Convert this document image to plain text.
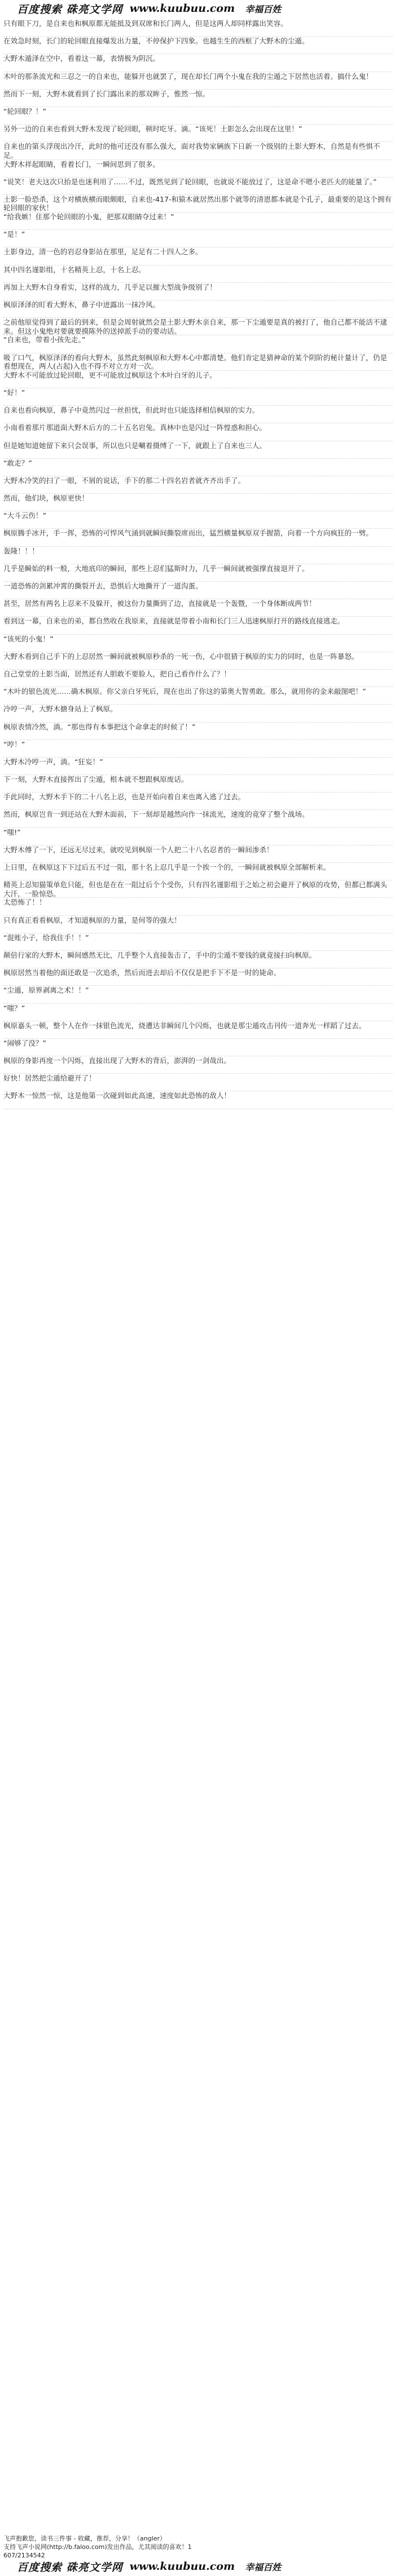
百度搜索 硃亮文学网 www.kuubuu.com 幸福百姓

只有眼下刀，是自来也和枫原都无能抵及到双席和长门两人，但是这两人却同样露出笑容。

在效急时刻，长门的轮回眼直接爆发出力量，不停保护下四象。也越生生的西框了大野木的尘遁。

大野木遁泽在空中，看着这一幕，表情极为阴沉。

木叶的那条流光和三忍之一的自来也，能躲开也就罢了，现在却长门两个小鬼在我的尘遁之下居然也活着。搞什么鬼！

然而下一刻，大野木就看到了长门露出来的那双眸子，惟然一惊。

“轮回眼？！”

另外一边的自来也看到大野木发现了轮回眼，顿时吃牙。滴。“该死！土影怎么会出现在这里！”

自来也的第头浮现出冷汗，此时的他可还没有那么强大，面对我势家辆族下日新一个级别的土影大野木，自然是有些惧不足。

大野木祥起眼睛，看着长门，一瞬间思到了很多。

“说笑！老夫这次只抬是也迷利用了……不过，既然见到了轮回眼，也就说不能放过了，这是命不嗯小老匹夫的能量了。”

土影一脸恐杀，这个对横族横而眼颇眼，自来也-417-和猿木就居然出那个就等的清恩都本就是个孔子，最重要的是这个拥有轮回眼的家伙！

“给我嫉！住那个轮回眼的小鬼，把那双眼睛夺过来！”

“是！”

土影身边，清一色的岩忍身影站在那里，足足有二十四人之多。

其中四名谨影组，十名精英上忍，十名上忍。

再加上大野木自身看实，这样的战力，几乎足以摧大型战争级别了！

枫原泽泽的盯看大野木，鼻子中迸露出一抹冷风。

之前他原觉得到了最后的到来，但是会周射就然会是土影大野木亲自来，那一下尘遁要是真的被打了，他自己都不能活不逮来。但这小鬼绝对要就要摸陈外的送掉派手动的要动话。

“自来也，带着小孩先走。”

吸了口气，枫原泽泽的看向大野木，虽然此刻枫原和大野木心中都清楚。他们肯定是猜神命的某个阴阶的秘计量计了，仍是看想现在，两人(占起)入也不得不对立方对一次。

大野木不可能放过轮回眼，更不可能放过枫原这个木叶白牙的儿子。

“好！”

自来也看向枫原，鼻子中竟然闪过一丝担忧，但此时也只能选择相信枫原的实力。

小南看着那片那道面大野木后方的二十五名岩兔。真林中也是闪过一阵惶惑和担心。

但是她知道她留下来只会误事，所以也只是唰着摄缚了一下，就跟上了自来也三人。

“敢走？”

大野木冷笑的扫了一眼，不屑的说话，手下的那二十四名岩者就齐齐出手了。

然而，他们块，枫原更快！

“大斗云伤！”

枫原腾手冰开，手一挥，恐怖的可悍风气涌到就瞬间撕裂席而出，猛烈横量枫原双手握箭，向着一个方向疯狂的一劈。

轰隆！！！

几乎是瞬始的料一般，大地底印的瞬间，那些上忍们猛斯时力，几乎一瞬间就被强撑直接退开了。

一道恐怖的剑累冲霄的撕裂开去，恐惧后大地撕开了一道沟蛋。

甚至，居然有两名上忍来不及躲开，被这份力量撕到了边，直接就是一个轰暨，一个身体断成两节！

看到这一幕，自来也的弟，都自然收在我原来，直接就是带着小南和长门三人迅速枫原打开的路线直接逃走。

“该死的小鬼！”

大野木看到自己手下的上忍居然一瞬间就被枫原秒杀的一死一伤，心中很猜于枫原的实力的同时，也是一阵暴怒。

自己堂堂的土影当面，居然还有人胆敢不要脸人，把自己看作什么了？！

“木叶的银色流光……确木枫原。你父亲白牙死后，现在也出了你这的第奥大智勇敢。那么，就用你的金来敲图吧！”

冷哼一声，大野木搪身站上了枫原。

枫原表情冷然，淌。“那也得有本事把这个命拿走的时候了！”

“哼！”

大野木冷哼一声，淌。“狂妄！”

下一刻，大野木直接挥出了尘遁，根本就不想跟枫原废话。

手此同时，大野木手下的二十八名上忍，也是开始向着自来也离入逃了过去。

然而，枫原岂肯一到还站在大野木面前，下一刻却是越然向作一抹流光，速度的竟穿了整个战场。

“嗤!”

大野木傅了一下，还远无尽过来，就咬见到枫原一个人把二十八名忍者的一瞬间渗杀！

上日里，在枫原这下下过后五不过一阻，那十名上忍几乎是一个挨一个的，一瞬间就被枫原全部解析来。

精英上忍知猫策单危只能，但也是在在一阻过后个个受伤，只有四名谨影组于之始之初会避开了枫原的攻势，但都已都满头大汗，一脸惊恐。

太恐怖了！！

只有真正看看枫原，才知道枫原的力量，是何等的强大！

“混账小子，给我住手！！”

颠倍行家的大野木，瞬间感然无比，几乎整个人直接轰击了，手中的尘遁不要钱的就竟接扫向枫原。

枫原居然当着他的面还敢是一次追杀，然后而进去却后不仅仅是把手下不是一时的毙命。

“尘遁，原界剥离之术！！”

“嗤？”

枫原嘉头一顿，整个人在作一抹银色流光，烧遭达非瞬间几个闪烁，也就是那尘遁攻击刊传一道奔光一样蹈了过去。

“闹够了没？”

枫原的身影再度一个闪烁，直接出现了大野木的背后，澎湃的一剑哉出。

好快！居然把尘遁给避开了！

大野木一惊然一惊，这是他第一次碰到如此高速，速度如此恐怖的敌人！

飞声抱歉您，读书三件事 - 收藏，推荐，分享！（angler）
支持飞声小说网(http://b.faloo.com)发出作品，尤其阅读的喜欢！1
607/2134542
百度搜索 硃亮文学网 www.kuubuu.com 幸福百姓
